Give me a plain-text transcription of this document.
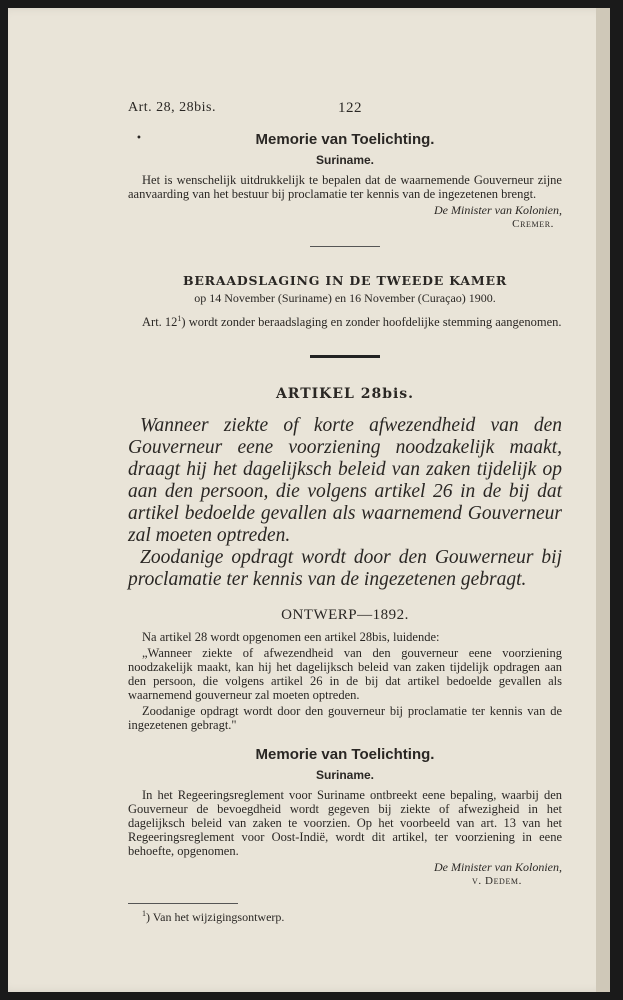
Art. 28, 28bis.	122
•	Memorie van Toelichting.
Suriname.
Het is wenschelijk uitdrukkelijk te bepalen dat de waarnemende Gouverneur zijne aanvaarding van het bestuur bij proclamatie ter kennis van de ingezetenen brengt.
De Minister van Kolonien,
Cremer.
BERAADSLAGING IN DE TWEEDE KAMER
op 14 November (Suriname) en 16 November (Curaçao) 1900.
Art. $12^1$) wordt zonder beraadslaging en zonder hoofdelijke stemming aangenomen.
ARTIKEL 28bis.

Wanneer ziekte of korte afwezendheid van den Gouverneur eene voorziening noodzakelijk maakt, draagt hij het dagelijksch beleid van zaken tijdelijk op aan den persoon, die volgens artikel 26 in de bij dat artikel bedoelde gevallen als waarnemend Gouverneur zal moeten optreden.

Zoodanige opdragt wordt door den Gouwerneur bij proclamatie ter kennis van de ingezetenen gebragt.

ONTWERP—1892.
Na artikel 28 wordt opgenomen een artikel 28bis, luidende:
„Wanneer ziekte of afwezendheid van den gouverneur eene voorziening noodzakelijk maakt, kan hij het dagelijksch beleid van zaken tijdelijk opdragen aan den persoon, die volgens artikel 26 in de bij dat artikel bedoelde gevallen als waarnemend gouverneur zal moeten optreden.
Zoodanige opdragt wordt door den gouverneur bij proclamatie ter kennis van de ingezetenen gebragt."
Memorie van Toelichting.
Suriname.
In het Regeeringsreglement voor Suriname ontbreekt eene bepaling, waarbij den Gouverneur de bevoegdheid wordt gegeven bij ziekte of afwezigheid in het dagelijksch beleid van zaken te voorzien. Op het voorbeeld van art. 13 van het Regeeringsreglement voor Oost-Indië, wordt dit artikel, ter voorziening in eene behoefte, opgenomen.
De Minister van Kolonien,
v. Dedem.
$^1$) Van het wijzigingsontwerp.
